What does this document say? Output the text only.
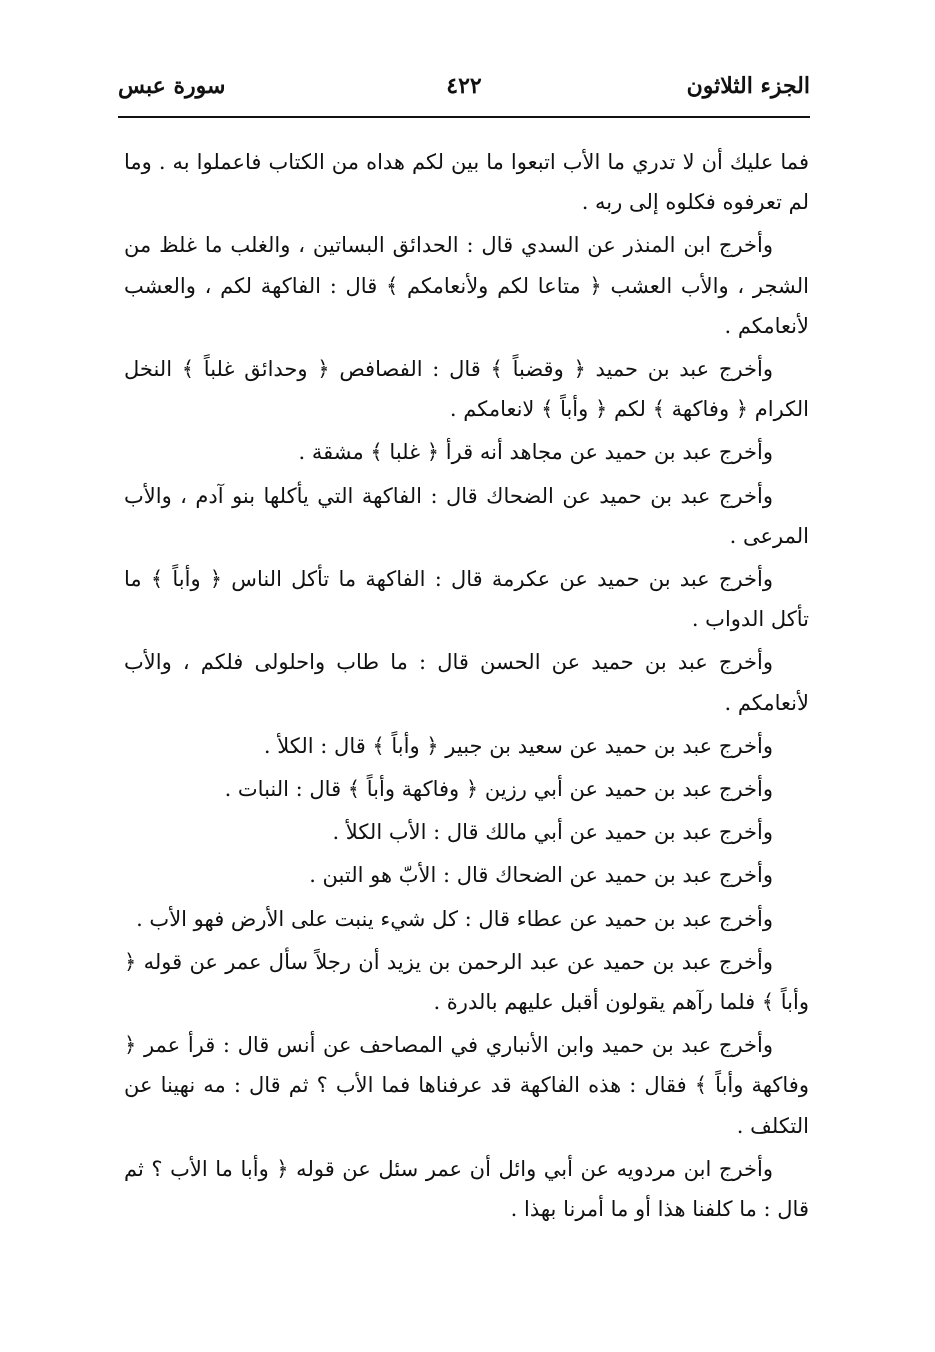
الجزء الثلاثون
٤٢٢
سورة عبس

فما عليك أن لا تدري ما الأب اتبعوا ما بين لكم هداه من الكتاب فاعملوا به . وما لم تعرفوه فكلوه إلى ربه .

وأخرج ابن المنذر عن السدي قال : الحدائق البساتين ، والغلب ما غلظ من الشجر ، والأب العشب ﴿ متاعا لكم ولأنعامكم ﴾ قال : الفاكهة لكم ، والعشب لأنعامكم .

وأخرج عبد بن حميد ﴿ وقضباً ﴾ قال : الفصافص ﴿ وحدائق غلباً ﴾ النخل الكرام ﴿ وفاكهة ﴾ لكم ﴿ وأباً ﴾ لانعامكم .

وأخرج عبد بن حميد عن مجاهد أنه قرأ ﴿ غلبا ﴾ مشقة .

وأخرج عبد بن حميد عن الضحاك قال : الفاكهة التي يأكلها بنو آدم ، والأب المرعى .

وأخرج عبد بن حميد عن عكرمة قال : الفاكهة ما تأكل الناس ﴿ وأباً ﴾ ما تأكل الدواب .

وأخرج عبد بن حميد عن الحسن قال : ما طاب واحلولى فلكم ، والأب لأنعامكم .

وأخرج عبد بن حميد عن سعيد بن جبير ﴿ وأباً ﴾ قال : الكلأ .

وأخرج عبد بن حميد عن أبي رزين ﴿ وفاكهة وأباً ﴾ قال : النبات .

وأخرج عبد بن حميد عن أبي مالك قال : الأب الكلأ .

وأخرج عبد بن حميد عن الضحاك قال : الأبّ هو التبن .

وأخرج عبد بن حميد عن عطاء قال : كل شيء ينبت على الأرض فهو الأب .

وأخرج عبد بن حميد عن عبد الرحمن بن يزيد أن رجلاً سأل عمر عن قوله ﴿ وأباً ﴾ فلما رآهم يقولون أقبل عليهم بالدرة .

وأخرج عبد بن حميد وابن الأنباري في المصاحف عن أنس قال : قرأ عمر ﴿ وفاكهة وأباً ﴾ فقال : هذه الفاكهة قد عرفناها فما الأب ؟ ثم قال : مه نهينا عن التكلف .

وأخرج ابن مردويه عن أبي وائل أن عمر سئل عن قوله ﴿ وأبا ما الأب ؟ ثم قال : ما كلفنا هذا أو ما أمرنا بهذا .
